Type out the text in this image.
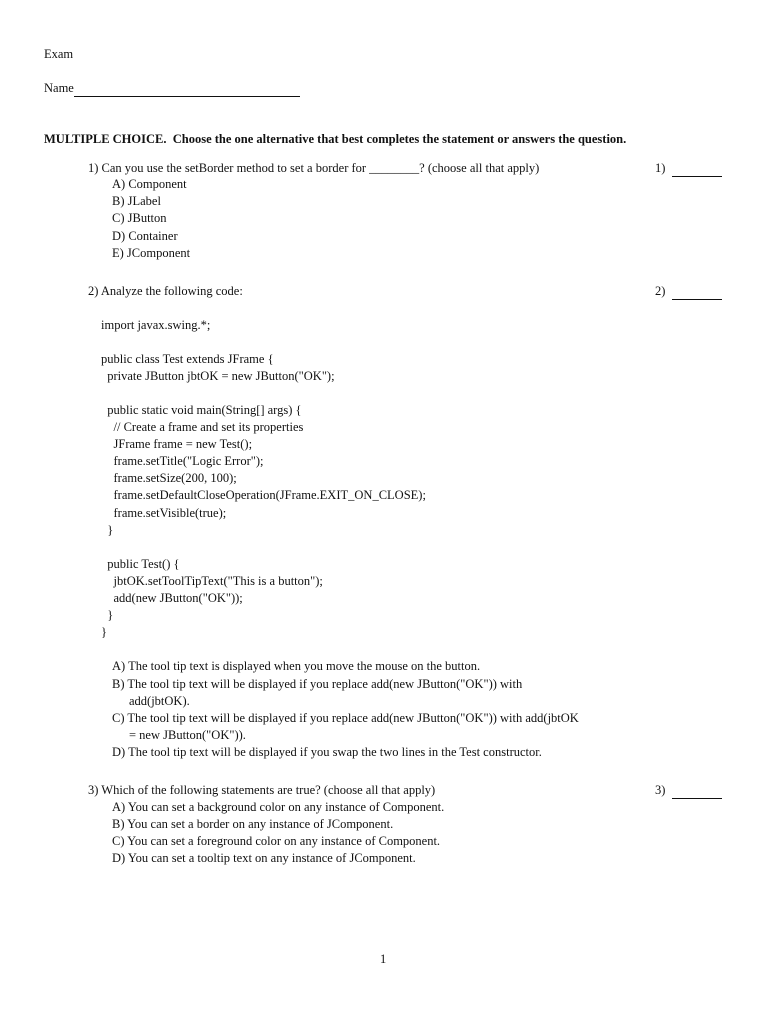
Exam
Name
MULTIPLE CHOICE.  Choose the one alternative that best completes the statement or answers the question.
1) Can you use the setBorder method to set a border for ________? (choose all that apply)	1)

A) Component
B) JLabel
C) JButton
D) Container
E) JComponent
2) Analyze the following code:	2)

import javax.swing.*;
public class Test extends JFrame {
private JButton jbtOK = new JButton("OK");
public static void main(String[] args) {
// Create a frame and set its properties
JFrame frame = new Test();
frame.setTitle("Logic Error");
frame.setSize(200, 100);
frame.setDefaultCloseOperation(JFrame.EXIT_ON_CLOSE);
frame.setVisible(true);
}
public Test() {
jbtOK.setToolTipText("This is a button");
add(new JButton("OK"));
}
}
A) The tool tip text is displayed when you move the mouse on the button.
B) The tool tip text will be displayed if you replace add(new JButton("OK")) with
add(jbtOK).
C) The tool tip text will be displayed if you replace add(new JButton("OK")) with add(jbtOK
= new JButton("OK")).
D) The tool tip text will be displayed if you swap the two lines in the Test constructor.
3) Which of the following statements are true? (choose all that apply)	3)

A) You can set a background color on any instance of Component.
B) You can set a border on any instance of JComponent.
C) You can set a foreground color on any instance of Component.
D) You can set a tooltip text on any instance of JComponent.
1
